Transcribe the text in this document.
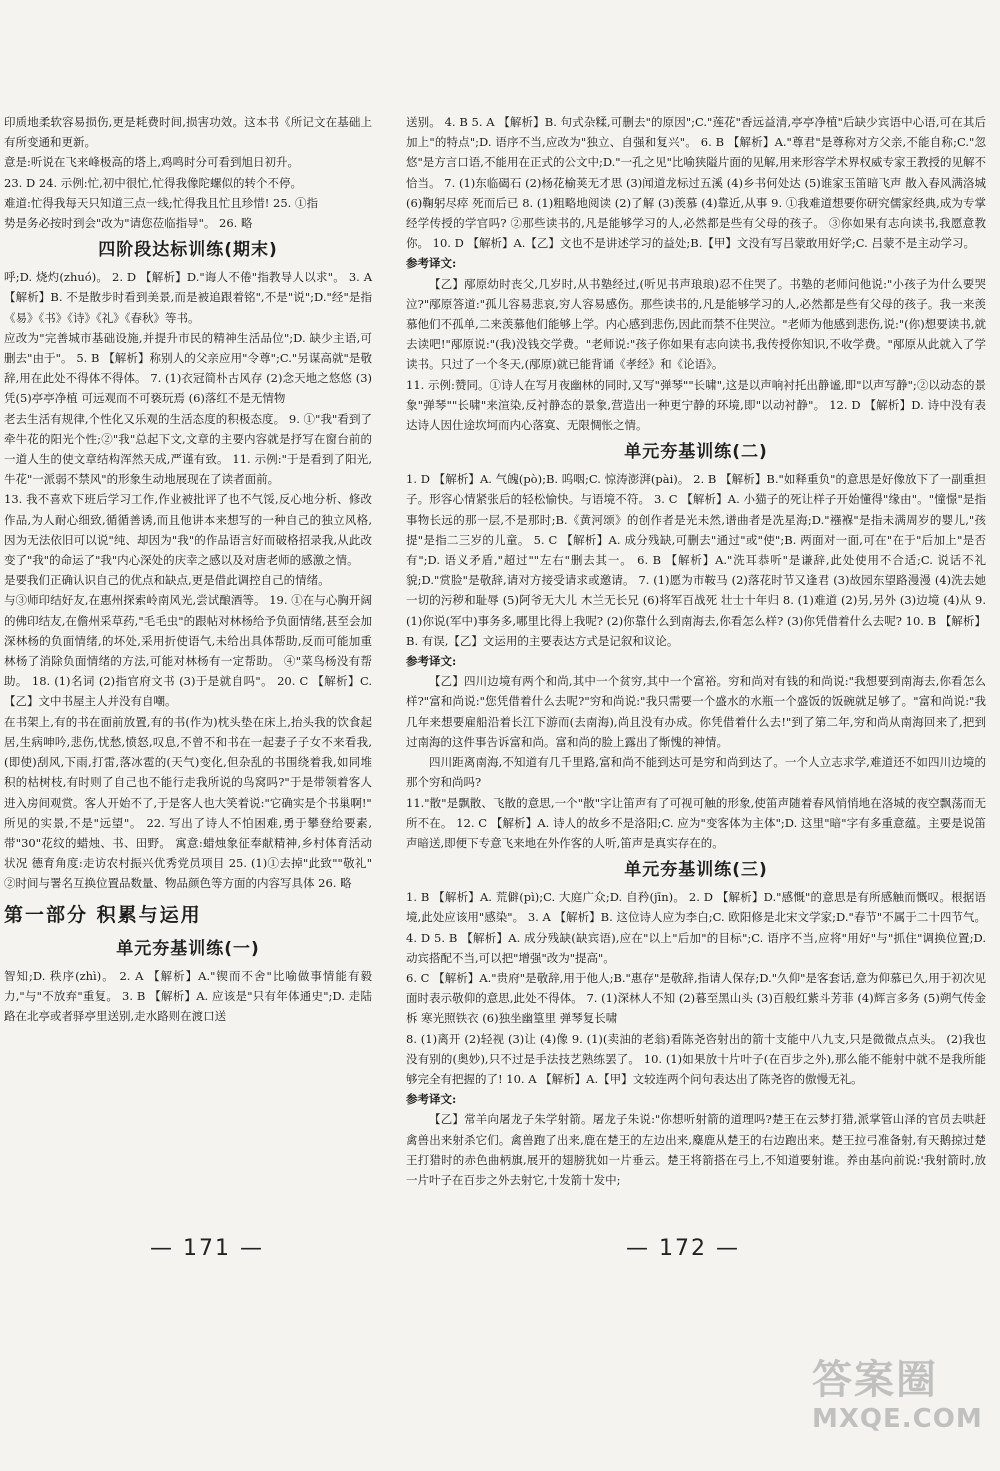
印质地柔软容易损伤,更是耗费时间,损害功效。这本书《所记文在基础上有所变通和更新。

意是:听说在飞来峰极高的塔上,鸡鸣时分可看到旭日初升。

23. D 24. 示例:忙,初中很忙,忙得我像陀螺似的转个不停。

难道:忙得我每天只知道三点一线;忙得我且忙且珍惜! 25. ①指

势是务必按时到会"改为"请您莅临指导"。 26. 略

四阶段达标训练(期末)

呼;D. 烧灼(zhuó)。 2. D 【解析】D."诲人不倦"指教导人以求"。 3. A 【解析】B. 不是散步时看到美景,而是被追跟着铭",不是"说";D."经"是指《易》《书》《诗》《礼》《春秋》等书。

应改为"完善城市基础设施,并提升市民的精神生活品位";D. 缺少主语,可删去"由于"。 5. B 【解析】称别人的父亲应用"令尊";C."另谋高就"是敬辞,用在此处不得体不得体。 7. (1)衣冠简朴古风存 (2)念天地之悠悠 (3)凭(5)亭亭净植 可远观而不可亵玩焉 (6)落红不是无情物

老去生活有规律,个性化又乐观的生活态度的积极态度。 9. ①"我"看到了牵牛花的阳光个性;②"我"总起下文,文章的主要内容就是抒写在窗台前的一道人生的使文章结构浑然天成,严谨有致。 11. 示例:"于是看到了阳光,牛花"一派弱不禁风"的形象生动地展现在了读者面前。

13. 我不喜欢下班后学习工作,作业被批评了也不气馁,反心地分析、修改作品,为人耐心细致,循循善诱,而且他讲本来想写的一种自己的独立风格,因为无法依旧可以说"纯、却因为"我"的作品语言好而破格招录我,从此改变了"我"的命运了"我"内心深处的庆幸之感以及对唐老师的感激之情。

是要我们正确认识自己的优点和缺点,更是借此调控自己的情绪。

与③师印结好友,在惠州探索岭南风光,尝试酿酒等。 19. ①在与心胸开阔的佛印结友,在儋州采草药,"毛毛虫"的跟帖对林杨给予负面情绪,甚至会加深林杨的负面情绪,的坏处,采用折使语气,未给出具体帮助,反而可能加重林杨了消除负面情绪的方法,可能对林杨有一定帮助。 ④"菜鸟杨没有帮助。 18. (1)名词 (2)指官府文书 (3)于是就自吗"。 20. C 【解析】C.【乙】文中书屋主人并没有自嘲。

在书架上,有的书在面前放置,有的书(作为)枕头垫在床上,抬头我的饮食起居,生病呻吟,悲伤,忧愁,愤怒,叹息,不曾不和书在一起妻子子女不来看我,(即使)刮风,下雨,打雷,落冰雹的(天气)变化,但杂乱的书围绕着我,如同堆积的枯树枝,有时则了自己也不能行走我所说的鸟窝吗?"于是带领着客人进入房间观赏。客人开始不了,于是客人也大笑着说:"它确实是个书巢啊!"

所见的实景,不是"远望"。 22. 写出了诗人不怕困难,勇于攀登给要素,带"30"花纹的蜡烛、书、田野。 寓意:蜡烛象征奉献精神,乡村体育活动状况 德育角度:走访农村振兴优秀党员项目 25. (1)①去掉"此致""敬礼" ②时间与署名互换位置品数量、物品颜色等方面的内容写具体 26. 略

第一部分 积累与运用
单元夯基训练(一)

智知;D. 秩序(zhì)。 2. A 【解析】A."锲而不舍"比喻做事情能有毅力,"与"不放弃"重复。 3. B 【解析】A. 应该是"只有年体通史";D. 走陆路在北亭或者驿亭里送别,走水路则在渡口送

送别。 4. B 5. A 【解析】B. 句式杂糅,可删去"的原因";C."莲花"香远益清,亭亭净植"后缺少宾语中心语,可在其后加上"的特点";D. 语序不当,应改为"独立、自强和复兴"。 6. B 【解析】A."尊君"是尊称对方父亲,不能自称;C."忽悠"是方言口语,不能用在正式的公文中;D."一孔之见"比喻狭隘片面的见解,用来形容学术界权威专家王教授的见解不恰当。 7. (1)东临碣石 (2)杨花榆荚无才思 (3)闻道龙标过五溪 (4)乡书何处达 (5)谁家玉笛暗飞声 散入春风满洛城 (6)鞠躬尽瘁 死而后已 8. (1)粗略地阅读 (2)了解 (3)羡慕 (4)靠近,从事 9. ①我难道想要你研究儒家经典,成为专掌经学传授的学官吗? ②那些读书的,凡是能够学习的人,必然都是些有父母的孩子。 ③你如果有志向读书,我愿意教你。 10. D 【解析】A.【乙】文也不是讲述学习的益处;B.【甲】文没有写吕蒙敢用好学;C. 吕蒙不是主动学习。

参考译文:

【乙】邴原幼时丧父,几岁时,从书塾经过,(听见书声琅琅)忍不住哭了。书塾的老师问他说:"小孩子为什么要哭泣?"邴原答道:"孤儿容易悲哀,穷人容易感伤。那些读书的,凡是能够学习的人,必然都是些有父母的孩子。我一来羡慕他们不孤单,二来羡慕他们能够上学。内心感到悲伤,因此而禁不住哭泣。"老师为他感到悲伤,说:"(你)想要读书,就去读吧!"邴原说:"(我)没钱交学费。"老师说:"孩子你如果有志向读书,我传授你知识,不收学费。"邴原从此就入了学读书。只过了一个冬天,(邴原)就已能背诵《孝经》和《论语》。

11. 示例:赞同。①诗人在写月夜幽林的同时,又写"弹琴""长啸",这是以声响衬托出静谧,即"以声写静";②以动态的景象"弹琴""长啸"来渲染,反衬静态的景象,营造出一种更宁静的环境,即"以动衬静"。 12. D 【解析】D. 诗中没有表达诗人因仕途坎坷而内心落寞、无限惆怅之情。

单元夯基训练(二)

1. D 【解析】A. 气魄(pò);B. 呜咽;C. 惊涛澎湃(pài)。 2. B 【解析】B."如释重负"的意思是好像放下了一副重担子。形容心情紧张后的轻松愉快。与语境不符。 3. C 【解析】A. 小猫子的死让样子开始懂得"缘由"。"憧憬"是指事物长远的那一层,不是那时;B.《黄河颂》的创作者是光未然,谱曲者是冼星海;D."襁褓"是指未满周岁的婴儿,"孩提"是指二三岁的儿童。 5. C 【解析】A. 成分残缺,可删去"通过"或"使";B. 两面对一面,可在"在于"后加上"是否有";D. 语义矛盾,"超过""左右"删去其一。 6. B 【解析】A."洗耳恭听"是谦辞,此处使用不合适;C. 说话不礼貌;D."赏脸"是敬辞,请对方接受请求或邀请。 7. (1)愿为市鞍马 (2)落花时节又逢君 (3)故园东望路漫漫 (4)洗去她一切的污秽和耻辱 (5)阿爷无大儿 木兰无长兄 (6)将军百战死 壮士十年归 8. (1)难道 (2)另,另外 (3)边境 (4)从 9. (1)你说(军中)事务多,哪里比得上我呢? (2)你靠什么到南海去,你看怎么样? (3)你凭借着什么去呢? 10. B 【解析】B. 有误,【乙】文运用的主要表达方式是记叙和议论。

参考译文:

【乙】四川边境有两个和尚,其中一个贫穷,其中一个富裕。穷和尚对有钱的和尚说:"我想要到南海去,你看怎么样?"富和尚说:"您凭借着什么去呢?"穷和尚说:"我只需要一个盛水的水瓶一个盛饭的饭碗就足够了。"富和尚说:"我几年来想要雇船沿着长江下游而(去南海),尚且没有办成。你凭借着什么去!"到了第二年,穷和尚从南海回来了,把到过南海的这件事告诉富和尚。富和尚的脸上露出了惭愧的神情。

四川距离南海,不知道有几千里路,富和尚不能到达可是穷和尚到达了。一个人立志求学,难道还不如四川边境的那个穷和尚吗?

11."散"是飘散、飞散的意思,一个"散"字让笛声有了可视可触的形象,使笛声随着春风悄悄地在洛城的夜空飘荡而无所不在。 12. C 【解析】A. 诗人的故乡不是洛阳;C. 应为"变客体为主体";D. 这里"暗"字有多重意蕴。主要是说笛声暗送,即便下专意飞来地在外作客的人听,笛声是真实存在的。

单元夯基训练(三)

1. B 【解析】A. 荒僻(pì);C. 大庭广众;D. 自矜(jīn)。 2. D 【解析】D."感慨"的意思是有所感触而慨叹。根据语境,此处应该用"感染"。 3. A 【解析】B. 这位诗人应为李白;C. 欧阳修是北宋文学家;D."春节"不属于二十四节气。 4. D 5. B 【解析】A. 成分残缺(缺宾语),应在"以上"后加"的目标";C. 语序不当,应将"用好"与"抓住"调换位置;D. 动宾搭配不当,可以把"增强"改为"提高"。

6. C 【解析】A."贵府"是敬辞,用于他人;B."惠存"是敬辞,指请人保存;D."久仰"是客套话,意为仰慕已久,用于初次见面时表示敬仰的意思,此处不得体。 7. (1)深林人不知 (2)暮至黑山头 (3)百般红紫斗芳菲 (4)辉言多务 (5)朔气传金柝 寒光照铁衣 (6)独坐幽篁里 弹琴复长啸

8. (1)离开 (2)轻视 (3)让 (4)像 9. (1)(卖油的老翁)看陈尧咨射出的箭十支能中八九支,只是微微点点头。 (2)我也没有别的(奥妙),只不过是手法技艺熟练罢了。 10. (1)如果放十片叶子(在百步之外),那么能不能射中就不是我所能够完全有把握的了! 10. A 【解析】A.【甲】文较连两个问句表达出了陈尧咨的傲慢无礼。

参考译文:

【乙】常羊向屠龙子朱学射箭。屠龙子朱说:"你想听射箭的道理吗?楚王在云梦打猎,派掌管山泽的官员去哄赶禽兽出来射杀它们。禽兽跑了出来,鹿在楚王的左边出来,麋鹿从楚王的右边跑出来。楚王拉弓准备射,有天鹅掠过楚王打猎时的赤色曲柄旗,展开的翅膀犹如一片垂云。楚王将箭搭在弓上,不知道要射谁。养由基向前说:'我射箭时,放一片叶子在百步之外去射它,十发箭十发中;

— 171 —	— 172 —
答案圈
MXQE.COM
